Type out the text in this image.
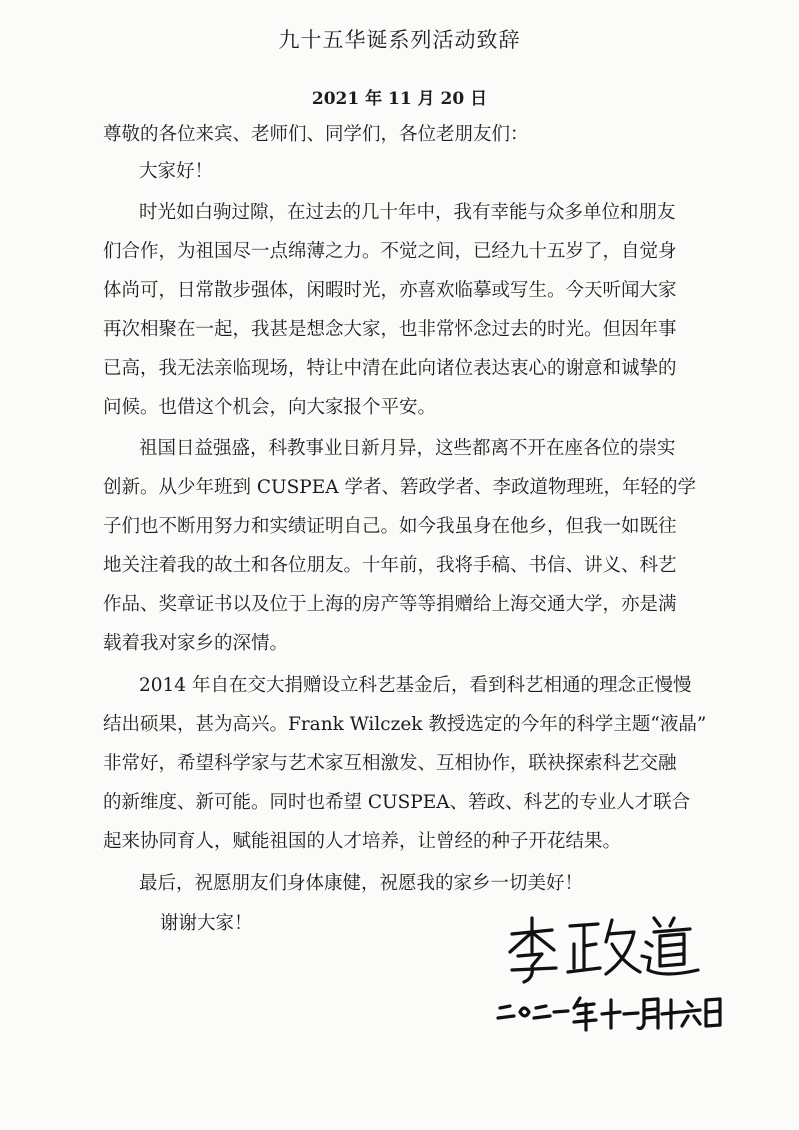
九十五华诞系列活动致辞
2021 年 11 月 20 日
尊敬的各位来宾、老师们、同学们，各位老朋友们：
大家好！
时光如白驹过隙，在过去的几十年中，我有幸能与众多单位和朋友
们合作，为祖国尽一点绵薄之力。不觉之间，已经九十五岁了，自觉身
体尚可，日常散步强体，闲暇时光，亦喜欢临摹或写生。今天听闻大家
再次相聚在一起，我甚是想念大家，也非常怀念过去的时光。但因年事
已高，我无法亲临现场，特让中清在此向诸位表达衷心的谢意和诚挚的
问候。也借这个机会，向大家报个平安。
祖国日益强盛，科教事业日新月异，这些都离不开在座各位的崇实
创新。从少年班到 CUSPEA 学者、箬政学者、李政道物理班，年轻的学
子们也不断用努力和实绩证明自己。如今我虽身在他乡，但我一如既往
地关注着我的故土和各位朋友。十年前，我将手稿、书信、讲义、科艺
作品、奖章证书以及位于上海的房产等等捐赠给上海交通大学，亦是满
载着我对家乡的深情。
2014 年自在交大捐赠设立科艺基金后，看到科艺相通的理念正慢慢
结出硕果，甚为高兴。Frank Wilczek 教授选定的今年的科学主题“液晶”
非常好，希望科学家与艺术家互相激发、互相协作，联袂探索科艺交融
的新维度、新可能。同时也希望 CUSPEA、箬政、科艺的专业人才联合
起来协同育人，赋能祖国的人才培养，让曾经的种子开花结果。
最后，祝愿朋友们身体康健，祝愿我的家乡一切美好！
谢谢大家！
